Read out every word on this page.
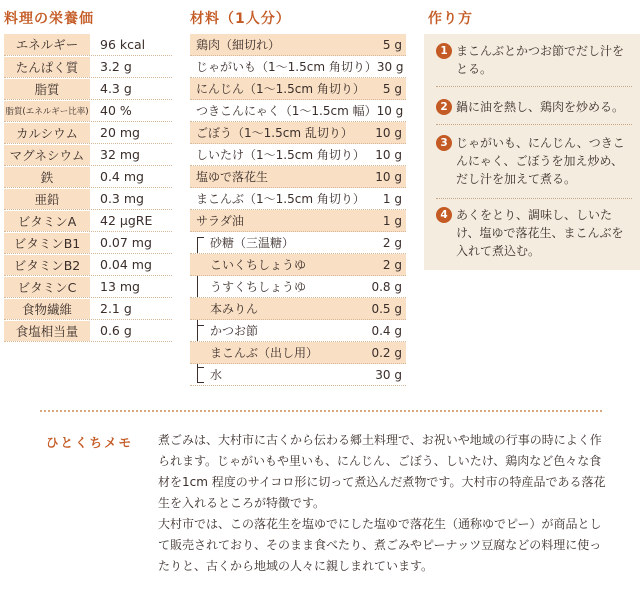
料理の栄養価	材料（1人分）	作り方
エネルギー	96 kcal
たんぱく質	3.2 g
脂質	4.3 g
脂質(エネルギー比率) 40 %
カルシウム	20 mg
マグネシウム	32 mg
鉄	0.4 mg
亜鉛	0.3 mg
ビタミンA	42 μgRE
ビタミンB1	0.07 mg
ビタミンB2	0.04 mg
ビタミンC	13 mg
食物繊維	2.1 g
食塩相当量	0.6 g
鶏肉（細切れ）	5 g
じゃがいも（1～1.5cm 角切り） 30 g
にんじん（1～1.5cm 角切り）	5 g
つきこんにゃく（1～1.5cm 幅） 10 g
ごぼう（1～1.5cm 乱切り）	10 g
しいたけ（1～1.5cm 角切り） 10 g
塩ゆで落花生	10 g
まこんぶ（1～1.5cm 角切り）	1 g
サラダ油	1 g
砂糖（三温糖）	2 g
こいくちしょうゆ	2 g
うすくちしょうゆ	0.8 g
本みりん	0.5 g
かつお節	0.4 g
まこんぶ（出し用）	0.2 g
水	30 g
1 まこんぶとかつお節でだし汁をとる。
2 鍋に油を熱し、鶏肉を炒める。
3 じゃがいも、にんじん、つきこんにゃく、ごぼうを加え炒め、だし汁を加えて煮る。
4 あくをとり、調味し、しいたけ、塩ゆで落花生、まこんぶを入れて煮込む。
ひとくちメモ 煮ごみは、大村市に古くから伝わる郷土料理で、お祝いや地域の行事の時によく作られます。じゃがいもや里いも、にんじん、ごぼう、しいたけ、鶏肉など色々な食材を1cm 程度のサイコロ形に切って煮込んだ煮物です。大村市の特産品である落花生を入れるところが特徴です。

大村市では、この落花生を塩ゆでにした塩ゆで落花生（通称ゆでピー）が商品として販売されており、そのまま食べたり、煮ごみやピーナッツ豆腐などの料理に使ったりと、古くから地域の人々に親しまれています。
